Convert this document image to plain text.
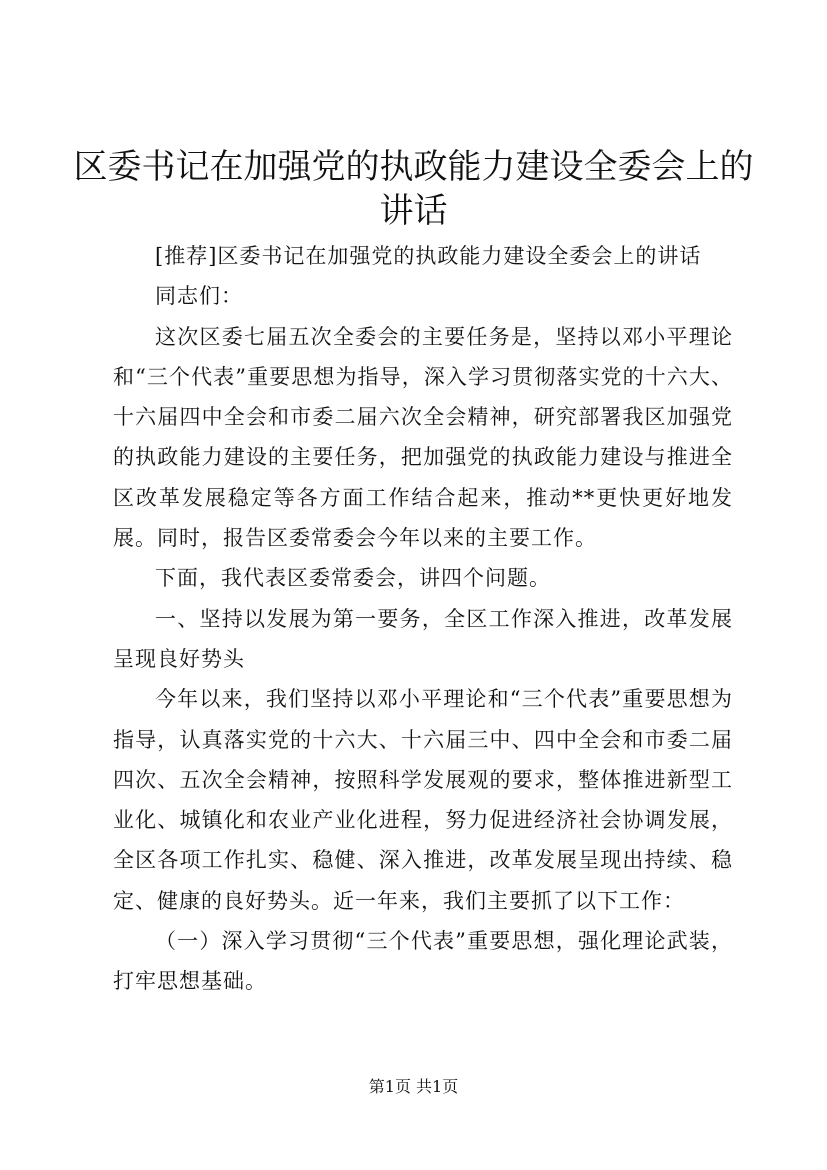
区委书记在加强党的执政能力建设全委会上的
讲话

[推荐]区委书记在加强党的执政能力建设全委会上的讲话

同志们：

这次区委七届五次全委会的主要任务是，坚持以邓小平理论和“三个代表”重要思想为指导，深入学习贯彻落实党的十六大、十六届四中全会和市委二届六次全会精神，研究部署我区加强党的执政能力建设的主要任务，把加强党的执政能力建设与推进全区改革发展稳定等各方面工作结合起来，推动**更快更好地发展。同时，报告区委常委会今年以来的主要工作。

下面，我代表区委常委会，讲四个问题。

一、坚持以发展为第一要务，全区工作深入推进，改革发展呈现良好势头

今年以来，我们坚持以邓小平理论和“三个代表”重要思想为指导，认真落实党的十六大、十六届三中、四中全会和市委二届四次、五次全会精神，按照科学发展观的要求，整体推进新型工业化、城镇化和农业产业化进程，努力促进经济社会协调发展，全区各项工作扎实、稳健、深入推进，改革发展呈现出持续、稳定、健康的良好势头。近一年来，我们主要抓了以下工作：

（一）深入学习贯彻“三个代表”重要思想，强化理论武装，打牢思想基础。

第1页 共1页
